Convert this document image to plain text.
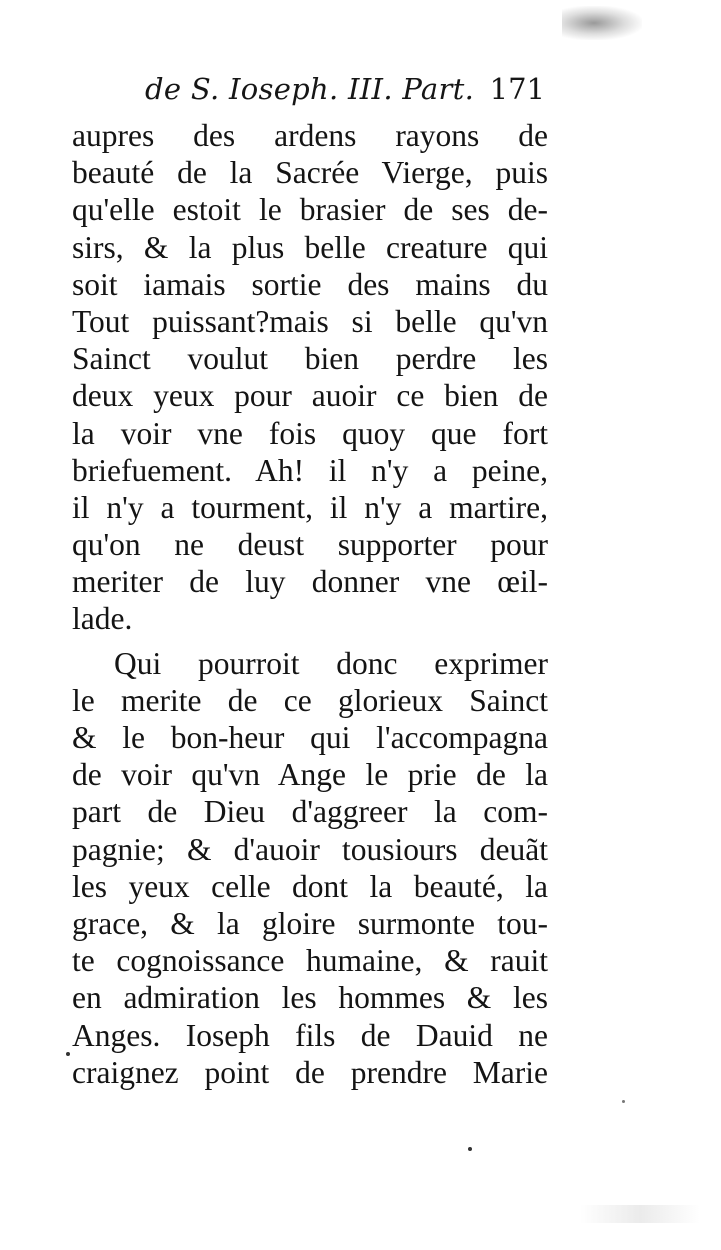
de S. Ioseph. III. Part. 171
aupres des ardens rayons de
beauté de la Sacrée Vierge, puis
qu'elle estoit le brasier de ses de-
sirs, & la plus belle creature qui
soit iamais sortie des mains du
Tout puissant?mais si belle qu'vn
Sainct voulut bien perdre les
deux yeux pour auoir ce bien de
la voir vne fois quoy que fort
briefuement. Ah! il n'y a peine,
il n'y a tourment, il n'y a martire,
qu'on ne deust supporter pour
meriter de luy donner vne œil-
lade.
Qui pourroit donc exprimer
le merite de ce glorieux Sainct
& le bon-heur qui l'accompagna
de voir qu'vn Ange le prie de la
part de Dieu d'aggreer la com-
pagnie; & d'auoir tousiours deuãt
les yeux celle dont la beauté, la
grace, & la gloire surmonte tou-
te cognoissance humaine, & rauit
en admiration les hommes & les
Anges. Ioseph fils de Dauid ne
craignez point de prendre Marie
